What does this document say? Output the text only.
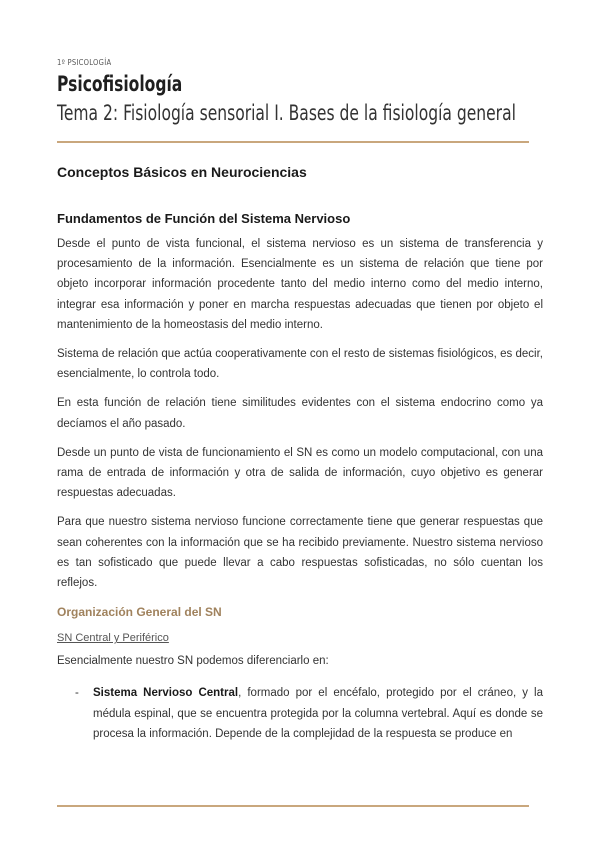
1º PSICOLOGÍA
Psicofisiología
Tema 2: Fisiología sensorial I. Bases de la fisiología general
Conceptos Básicos en Neurociencias
Fundamentos de Función del Sistema Nervioso

Desde el punto de vista funcional, el sistema nervioso es un sistema de transferencia y procesamiento de la información. Esencialmente es un sistema de relación que tiene por objeto incorporar información procedente tanto del medio interno como del medio interno, integrar esa información y poner en marcha respuestas adecuadas que tienen por objeto el mantenimiento de la homeostasis del medio interno.

Sistema de relación que actúa cooperativamente con el resto de sistemas fisiológicos, es decir, esencialmente, lo controla todo.

En esta función de relación tiene similitudes evidentes con el sistema endocrino como ya decíamos el año pasado.

Desde un punto de vista de funcionamiento el SN es como un modelo computacional, con una rama de entrada de información y otra de salida de información, cuyo objetivo es generar respuestas adecuadas.

Para que nuestro sistema nervioso funcione correctamente tiene que generar respuestas que sean coherentes con la información que se ha recibido previamente. Nuestro sistema nervioso es tan sofisticado que puede llevar a cabo respuestas sofisticadas, no sólo cuentan los reflejos.

Organización General del SN
SN Central y Periférico

Esencialmente nuestro SN podemos diferenciarlo en:

- Sistema Nervioso Central, formado por el encéfalo, protegido por el cráneo, y la médula espinal, que se encuentra protegida por la columna vertebral. Aquí es donde se procesa la información. Depende de la complejidad de la respuesta se produce en
